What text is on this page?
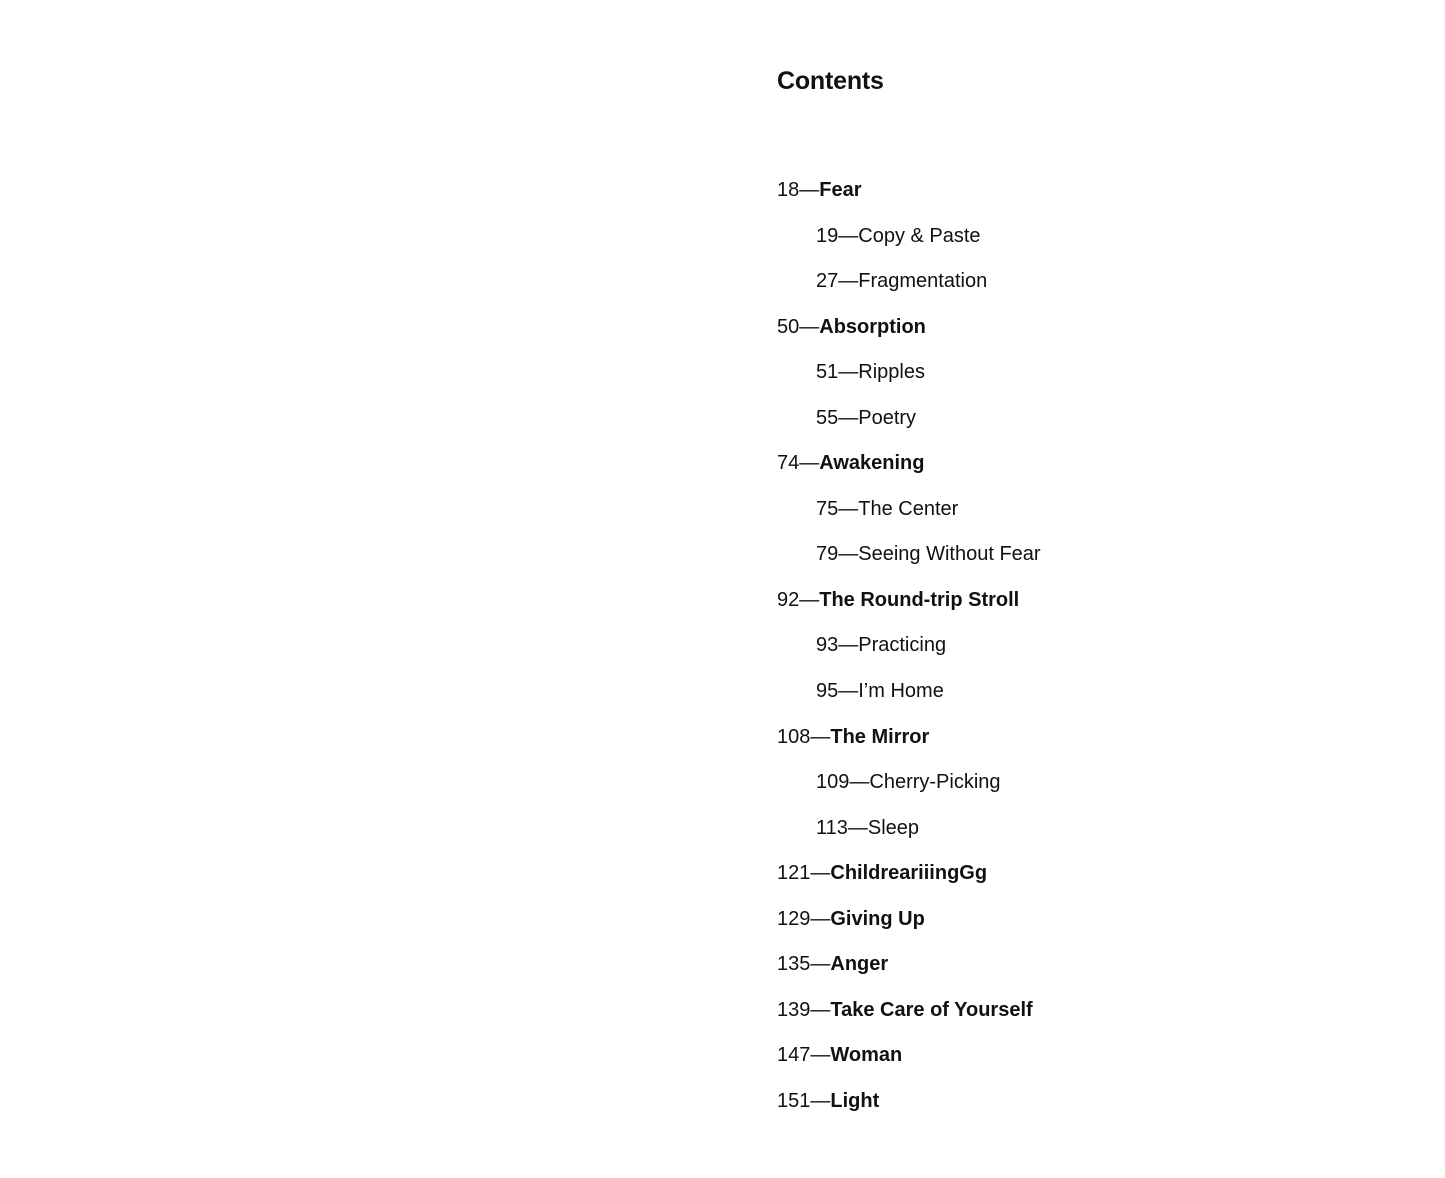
Contents
18—Fear
19—Copy & Paste
27—Fragmentation
50—Absorption
51—Ripples
55—Poetry
74—Awakening
75—The Center
79—Seeing Without Fear
92—The Round-trip Stroll
93—Practicing
95—I’m Home
108—The Mirror
109—Cherry-Picking
113—Sleep
121—ChildreariiingGg
129—Giving Up
135—Anger
139—Take Care of Yourself
147—Woman
151—Light
